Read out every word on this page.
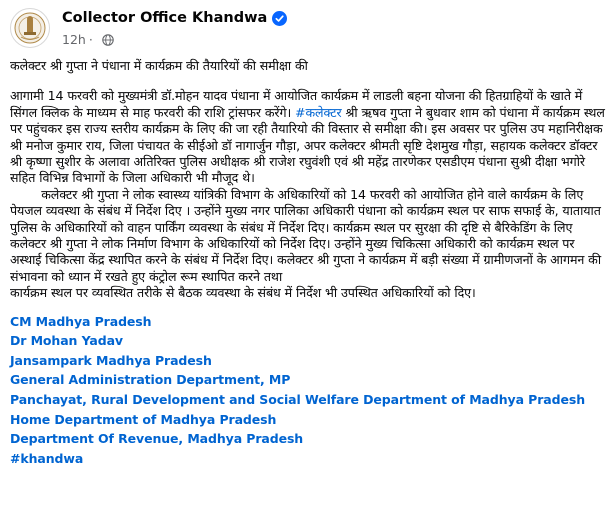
Collector Office Khandwa
12h ·

कलेक्टर श्री गुप्ता ने पंधाना में कार्यक्रम की तैयारियों की समीक्षा की

आगामी 14 फरवरी को मुख्यमंत्री डॉ.मोहन यादव पंधाना में आयोजित कार्यक्रम में लाडली बहना योजना की हितग्राहियों के खाते में सिंगल क्लिक के माध्यम से माह फरवरी की राशि ट्रांसफर करेंगे। #कलेक्टर श्री ऋषव गुप्ता ने बुधवार शाम को पंधाना में कार्यक्रम स्थल पर पहुंचकर इस राज्य स्तरीय कार्यक्रम के लिए की जा रही तैयारियो की विस्तार से समीक्षा की। इस अवसर पर पुलिस उप महानिरीक्षक श्री मनोज कुमार राय, जिला पंचायत के सीईओ डॉ नागार्जुन गौड़ा, अपर कलेक्टर श्रीमती सृष्टि देशमुख गौड़ा, सहायक कलेक्टर डॉक्टर श्री कृष्णा सुशीर के अलावा अतिरिक्त पुलिस अधीक्षक श्री राजेश रघुवंशी एवं श्री महेंद्र तारणेकर एसडीएम पंधाना सुश्री दीक्षा भगोरे सहित विभिन्न विभागों के जिला अधिकारी भी मौजूद थे।

कलेक्टर श्री गुप्ता ने लोक स्वास्थ्य यांत्रिकी विभाग के अधिकारियों को 14 फरवरी को आयोजित होने वाले कार्यक्रम के लिए पेयजल व्यवस्था के संबंध में निर्देश दिए । उन्होंने मुख्य नगर पालिका अधिकारी पंधाना को कार्यक्रम स्थल पर साफ सफाई के, यातायात पुलिस के अधिकारियों को वाहन पार्किंग व्यवस्था के संबंध में निर्देश दिए। कार्यक्रम स्थल पर सुरक्षा की दृष्टि से बैरिकेडिंग के लिए कलेक्टर श्री गुप्ता ने लोक निर्माण विभाग के अधिकारियों को निर्देश दिए। उन्होंने मुख्य चिकित्सा अधिकारी को कार्यक्रम स्थल पर अस्थाई चिकित्सा केंद्र स्थापित करने के संबंध में निर्देश दिए। कलेक्टर श्री गुप्ता ने कार्यक्रम में बड़ी संख्या में ग्रामीणजनों के आगमन की संभावना को ध्यान में रखते हुए कंट्रोल रूम स्थापित करने तथा

कार्यक्रम स्थल पर व्यवस्थित तरीके से बैठक व्यवस्था के संबंध में निर्देश भी उपस्थित अधिकारियों को दिए।

CM Madhya Pradesh
Dr Mohan Yadav
Jansampark Madhya Pradesh
General Administration Department, MP
Panchayat, Rural Development and Social Welfare Department of Madhya Pradesh
Home Department of Madhya Pradesh
Department Of Revenue, Madhya Pradesh
#khandwa
